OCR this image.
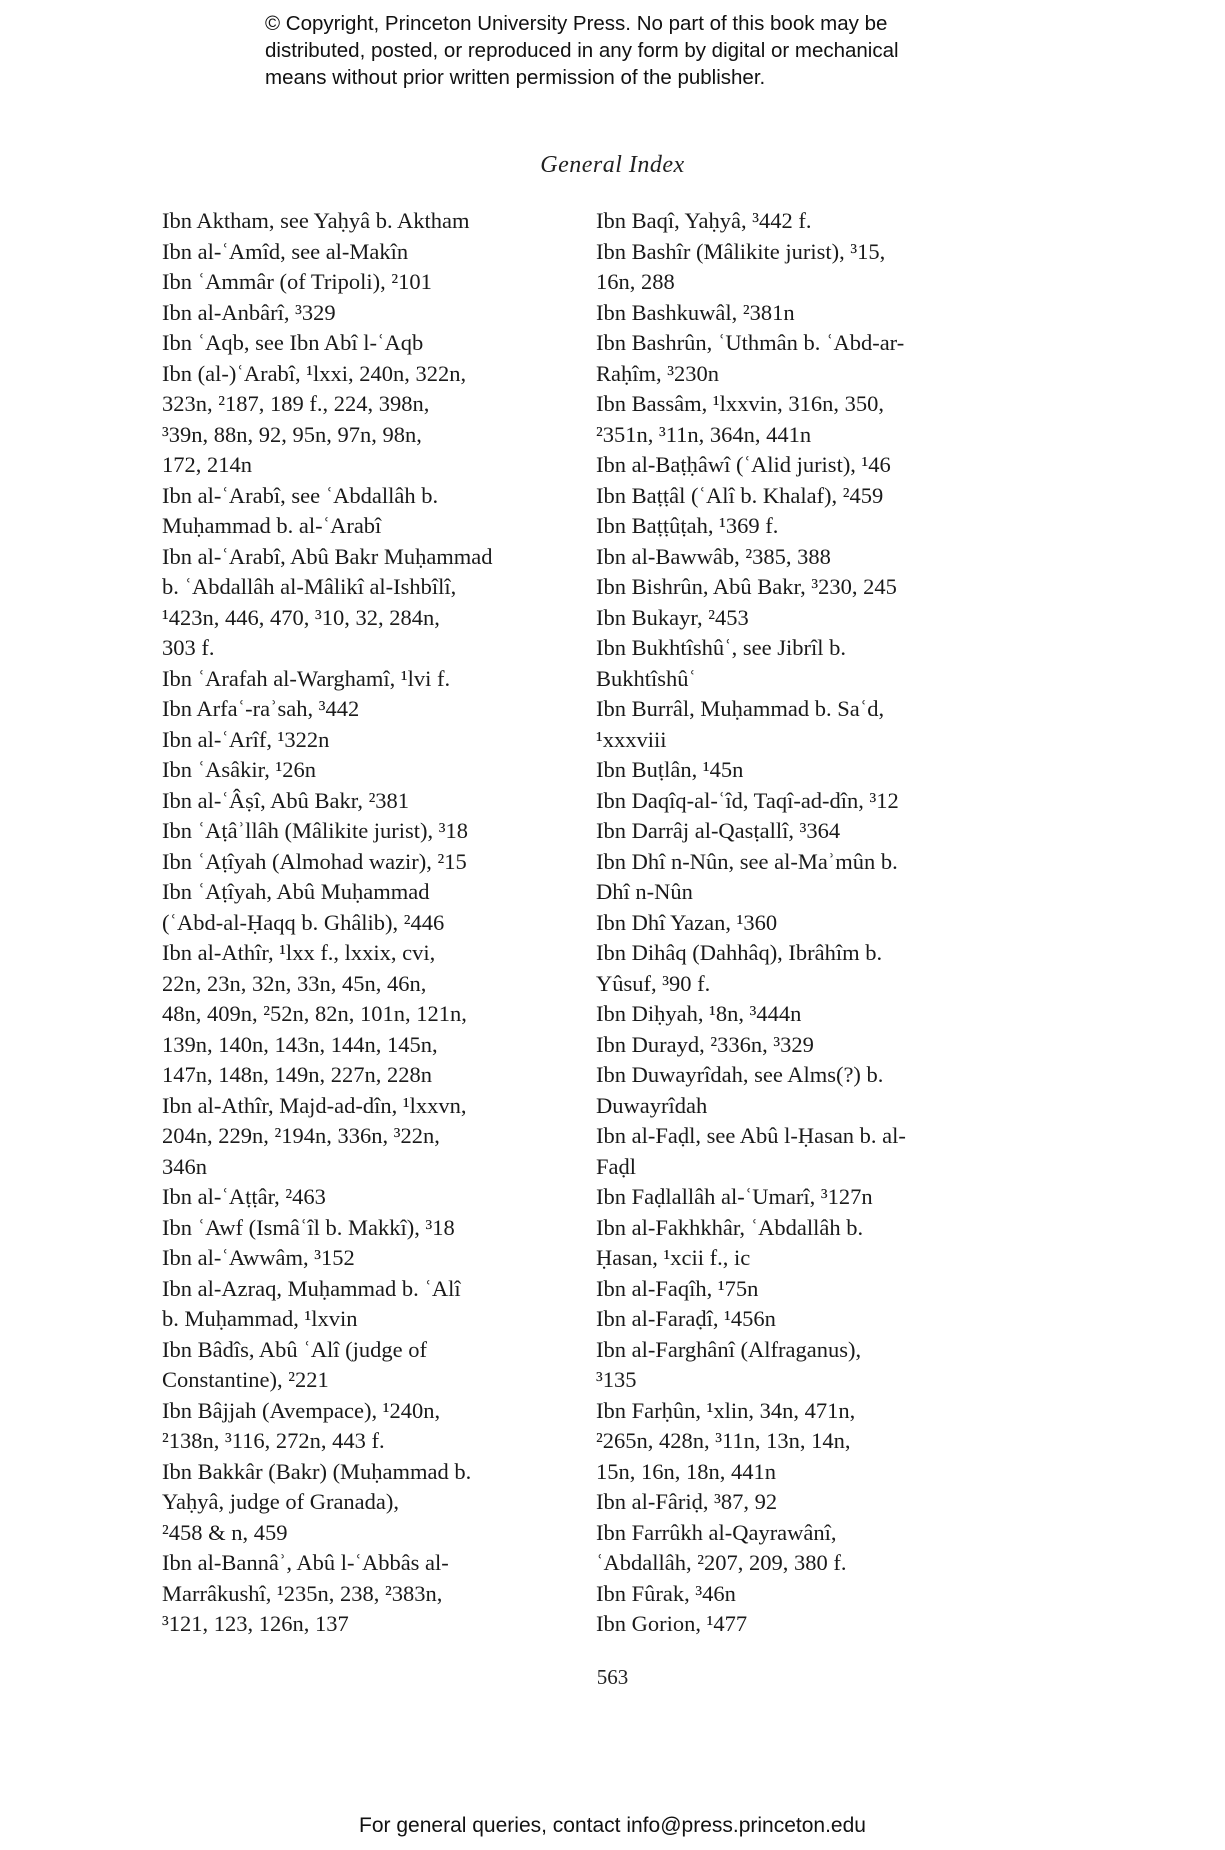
© Copyright, Princeton University Press. No part of this book may be
distributed, posted, or reproduced in any form by digital or mechanical
means without prior written permission of the publisher.
General Index
Ibn Aktham, see Yaḥyâ b. Aktham
Ibn al-ʿAmîd, see al-Makîn
Ibn ʿAmmâr (of Tripoli), ²101
Ibn al-Anbârî, ³329
Ibn ʿAqb, see Ibn Abî l-ʿAqb
Ibn (al-)ʿArabî, ¹lxxi, 240n, 322n,
323n, ²187, 189 f., 224, 398n,
³39n, 88n, 92, 95n, 97n, 98n,
172, 214n
Ibn al-ʿArabî, see ʿAbdallâh b.
Muḥammad b. al-ʿArabî
Ibn al-ʿArabî, Abû Bakr Muḥammad
b. ʿAbdallâh al-Mâlikî al-Ishbîlî,
¹423n, 446, 470, ³10, 32, 284n,
303 f.
Ibn ʿArafah al-Warghamî, ¹lvi f.
Ibn Arfaʿ-raʾsah, ³442
Ibn al-ʿArîf, ¹322n
Ibn ʿAsâkir, ¹26n
Ibn al-ʿÂṣî, Abû Bakr, ²381
Ibn ʿAṭâʾllâh (Mâlikite jurist), ³18
Ibn ʿAṭîyah (Almohad wazir), ²15
Ibn ʿAṭîyah, Abû Muḥammad
(ʿAbd-al-Ḥaqq b. Ghâlib), ²446
Ibn al-Athîr, ¹lxx f., lxxix, cvi,
22n, 23n, 32n, 33n, 45n, 46n,
48n, 409n, ²52n, 82n, 101n, 121n,
139n, 140n, 143n, 144n, 145n,
147n, 148n, 149n, 227n, 228n
Ibn al-Athîr, Majd-ad-dîn, ¹lxxvn,
204n, 229n, ²194n, 336n, ³22n,
346n
Ibn al-ʿAṭṭâr, ²463
Ibn ʿAwf (Ismâʿîl b. Makkî), ³18
Ibn al-ʿAwwâm, ³152
Ibn al-Azraq, Muḥammad b. ʿAlî
b. Muḥammad, ¹lxvin
Ibn Bâdîs, Abû ʿAlî (judge of
Constantine), ²221
Ibn Bâjjah (Avempace), ¹240n,
²138n, ³116, 272n, 443 f.
Ibn Bakkâr (Bakr) (Muḥammad b.
Yaḥyâ, judge of Granada),
²458 & n, 459
Ibn al-Bannâʾ, Abû l-ʿAbbâs al-
Marrâkushî, ¹235n, 238, ²383n,
³121, 123, 126n, 137
Ibn Baqî, Yaḥyâ, ³442 f.
Ibn Bashîr (Mâlikite jurist), ³15,
16n, 288
Ibn Bashkuwâl, ²381n
Ibn Bashrûn, ʿUthmân b. ʿAbd-ar-
Raḥîm, ³230n
Ibn Bassâm, ¹lxxvin, 316n, 350,
²351n, ³11n, 364n, 441n
Ibn al-Baṭḥâwî (ʿAlid jurist), ¹46
Ibn Baṭṭâl (ʿAlî b. Khalaf), ²459
Ibn Baṭṭûṭah, ¹369 f.
Ibn al-Bawwâb, ²385, 388
Ibn Bishrûn, Abû Bakr, ³230, 245
Ibn Bukayr, ²453
Ibn Bukhtîshûʿ, see Jibrîl b.
Bukhtîshûʿ
Ibn Burrâl, Muḥammad b. Saʿd,
¹xxxviii
Ibn Buṭlân, ¹45n
Ibn Daqîq-al-ʿîd, Taqî-ad-dîn, ³12
Ibn Darrâj al-Qasṭallî, ³364
Ibn Dhî n-Nûn, see al-Maʾmûn b.
Dhî n-Nûn
Ibn Dhî Yazan, ¹360
Ibn Dihâq (Dahhâq), Ibrâhîm b.
Yûsuf, ³90 f.
Ibn Diḥyah, ¹8n, ³444n
Ibn Durayd, ²336n, ³329
Ibn Duwayrîdah, see Alms(?) b.
Duwayrîdah
Ibn al-Faḍl, see Abû l-Ḥasan b. al-
Faḍl
Ibn Faḍlallâh al-ʿUmarî, ³127n
Ibn al-Fakhkhâr, ʿAbdallâh b.
Ḥasan, ¹xcii f., ic
Ibn al-Faqîh, ¹75n
Ibn al-Faraḍî, ¹456n
Ibn al-Farghânî (Alfraganus),
³135
Ibn Farḥûn, ¹xlin, 34n, 471n,
²265n, 428n, ³11n, 13n, 14n,
15n, 16n, 18n, 441n
Ibn al-Fâriḍ, ³87, 92
Ibn Farrûkh al-Qayrawânî,
ʿAbdallâh, ²207, 209, 380 f.
Ibn Fûrak, ³46n
Ibn Gorion, ¹477
563
For general queries, contact info@press.princeton.edu
